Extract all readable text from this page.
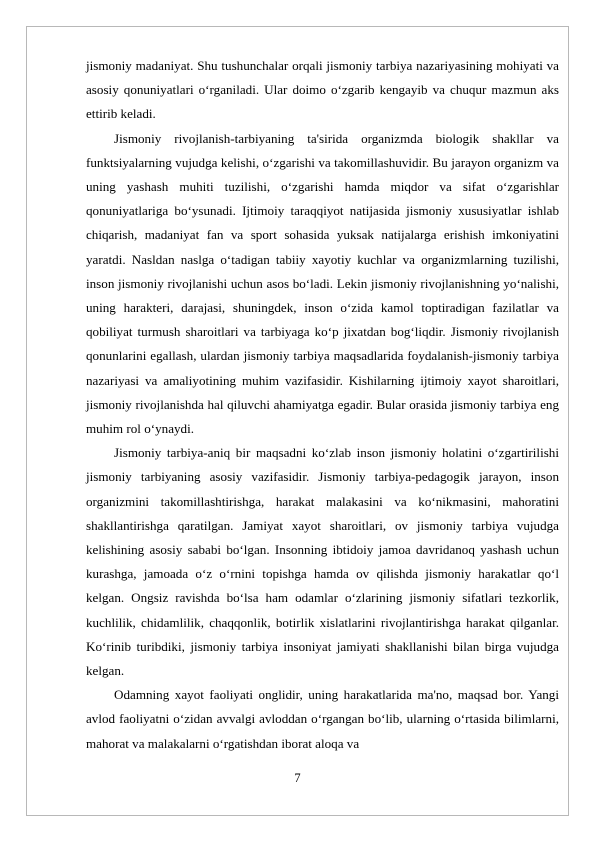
jismoniy madaniyat. Shu tushunchalar orqali jismoniy tarbiya nazariyasining mohiyati va asosiy qonuniyatlari o‘rganiladi. Ular doimo o‘zgarib kengayib va chuqur mazmun aks ettirib keladi.

Jismoniy rivojlanish-tarbiyaning ta'sirida organizmda biologik shakllar va funktsiyalarning vujudga kelishi, o‘zgarishi va takomillashuvidir. Bu jarayon organizm va uning yashash muhiti tuzilishi, o‘zgarishi hamda miqdor va sifat o‘zgarishlar qonuniyatlariga bo‘ysunadi. Ijtimoiy taraqqiyot natijasida jismoniy xususiyatlar ishlab chiqarish, madaniyat fan va sport sohasida yuksak natijalarga erishish imkoniyatini yaratdi. Nasldan naslga o‘tadigan tabiiy xayotiy kuchlar va organizmlarning tuzilishi, inson jismoniy rivojlanishi uchun asos bo‘ladi. Lekin jismoniy rivojlanishning yo‘nalishi, uning harakteri, darajasi, shuningdek, inson o‘zida kamol toptiradigan fazilatlar va qobiliyat turmush sharoitlari va tarbiyaga ko‘p jixatdan bog‘liqdir. Jismoniy rivojlanish qonunlarini egallash, ulardan jismoniy tarbiya maqsadlarida foydalanish-jismoniy tarbiya nazariyasi va amaliyotining muhim vazifasidir. Kishilarning ijtimoiy xayot sharoitlari, jismoniy rivojlanishda hal qiluvchi ahamiyatga egadir. Bular orasida jismoniy tarbiya eng muhim rol o‘ynaydi.

Jismoniy tarbiya-aniq bir maqsadni ko‘zlab inson jismoniy holatini o‘zgartirilishi jismoniy tarbiyaning asosiy vazifasidir. Jismoniy tarbiya-pedagogik jarayon, inson organizmini takomillashtirishga, harakat malakasini va ko‘nikmasini, mahoratini shakllantirishga qaratilgan. Jamiyat xayot sharoitlari, ov jismoniy tarbiya vujudga kelishining asosiy sababi bo‘lgan. Insonning ibtidoiy jamoa davridanoq yashash uchun kurashga, jamoada o‘z o‘rnini topishga hamda ov qilishda jismoniy harakatlar qo‘l kelgan. Ongsiz ravishda bo‘lsa ham odamlar o‘zlarining jismoniy sifatlari tezkorlik, kuchlilik, chidamlilik, chaqqonlik, botirlik xislatlarini rivojlantirishga harakat qilganlar. Ko‘rinib turibdiki, jismoniy tarbiya insoniyat jamiyati shakllanishi bilan birga vujudga kelgan.

Odamning xayot faoliyati onglidir, uning harakatlarida ma'no, maqsad bor. Yangi avlod faoliyatni o‘zidan avvalgi avloddan o‘rgangan bo‘lib, ularning o‘rtasida bilimlarni, mahorat va malakalarni o‘rgatishdan iborat aloqa va

7
